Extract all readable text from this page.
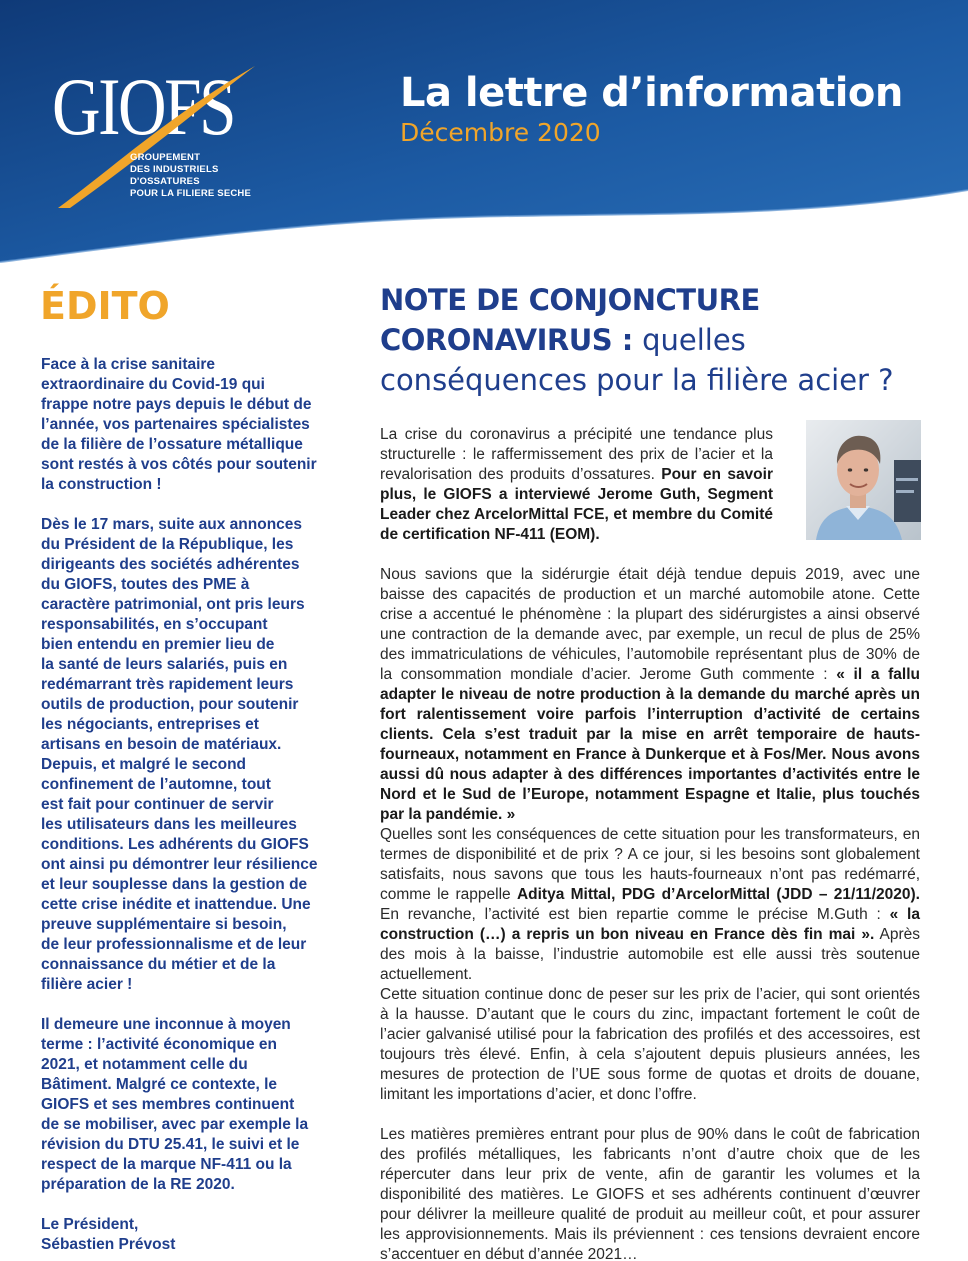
GIOFS
GROUPEMENT
DES INDUSTRIELS
D'OSSATURES
POUR LA FILIERE SECHE
La lettre d’information
Décembre 2020
ÉDITO

Face à la crise sanitaire
extraordinaire du Covid-19 qui
frappe notre pays depuis le début de
l’année, vos partenaires spécialistes
de la filière de l’ossature métallique
sont restés à vos côtés pour soutenir
la construction !

Dès le 17 mars, suite aux annonces
du Président de la République, les
dirigeants des sociétés adhérentes
du GIOFS, toutes des PME à
caractère patrimonial, ont pris leurs
responsabilités, en s’occupant
bien entendu en premier lieu de
la santé de leurs salariés, puis en
redémarrant très rapidement leurs
outils de production, pour soutenir
les négociants, entreprises et
artisans en besoin de matériaux.
Depuis, et malgré le second
confinement de l’automne, tout
est fait pour continuer de servir
les utilisateurs dans les meilleures
conditions. Les adhérents du GIOFS
ont ainsi pu démontrer leur résilience
et leur souplesse dans la gestion de
cette crise inédite et inattendue. Une
preuve supplémentaire si besoin,
de leur professionnalisme et de leur
connaissance du métier et de la
filière acier !

Il demeure une inconnue à moyen
terme : l’activité économique en
2021, et notamment celle du
Bâtiment. Malgré ce contexte, le
GIOFS et ses membres continuent
de se mobiliser, avec par exemple la
révision du DTU 25.41, le suivi et le
respect de la marque NF-411 ou la
préparation de la RE 2020.

Le Président,
Sébastien Prévost

NOTE DE CONJONCTURE
CORONAVIRUS : quelles
conséquences pour la filière acier ?
La crise du coronavirus a précipité une tendance plus structurelle : le raffermissement des prix de l’acier et la revalorisation des produits d’ossatures. Pour en savoir plus, le GIOFS a interviewé Jerome Guth, Segment Leader chez ArcelorMittal FCE, et membre du Comité de certification NF-411 (EOM).
Nous savions que la sidérurgie était déjà tendue depuis 2019, avec une baisse des capacités de production et un marché automobile atone. Cette crise a accentué le phénomène : la plupart des sidérurgistes a ainsi observé une contraction de la demande avec, par exemple, un recul de plus de 25% des immatriculations de véhicules, l’automobile représentant plus de 30% de la consommation mondiale d’acier. Jerome Guth commente : « il a fallu adapter le niveau de notre production à la demande du marché après un fort ralentissement voire parfois l’interruption d’activité de certains clients. Cela s’est traduit par la mise en arrêt temporaire de hauts-fourneaux, notamment en France à Dunkerque et à Fos/Mer. Nous avons aussi dû nous adapter à des différences importantes d’activités entre le Nord et le Sud de l’Europe, notamment Espagne et Italie, plus touchés par la pandémie. »
Quelles sont les conséquences de cette situation pour les transformateurs, en termes de disponibilité et de prix ? A ce jour, si les besoins sont globalement satisfaits, nous savons que tous les hauts-fourneaux n’ont pas redémarré, comme le rappelle Aditya Mittal, PDG d’ArcelorMittal (JDD – 21/11/2020). En revanche, l’activité est bien repartie comme le précise M.Guth : « la construction (…) a repris un bon niveau en France dès fin mai ». Après des mois à la baisse, l’industrie automobile est elle aussi très soutenue actuellement.
Cette situation continue donc de peser sur les prix de l’acier, qui sont orientés à la hausse. D’autant que le cours du zinc, impactant fortement le coût de l’acier galvanisé utilisé pour la fabrication des profilés et des accessoires, est toujours très élevé. Enfin, à cela s’ajoutent depuis plusieurs années, les mesures de protection de l’UE sous forme de quotas et droits de douane, limitant les importations d’acier, et donc l’offre.
Les matières premières entrant pour plus de 90% dans le coût de fabrication des profilés métalliques, les fabricants n’ont d’autre choix que de les répercuter dans leur prix de vente, afin de garantir les volumes et la disponibilité des matières. Le GIOFS et ses adhérents continuent d’œuvrer pour délivrer la meilleure qualité de produit au meilleur coût, et pour assurer les approvisionnements. Mais ils préviennent : ces tensions devraient encore s’accentuer en début d’année 2021…
